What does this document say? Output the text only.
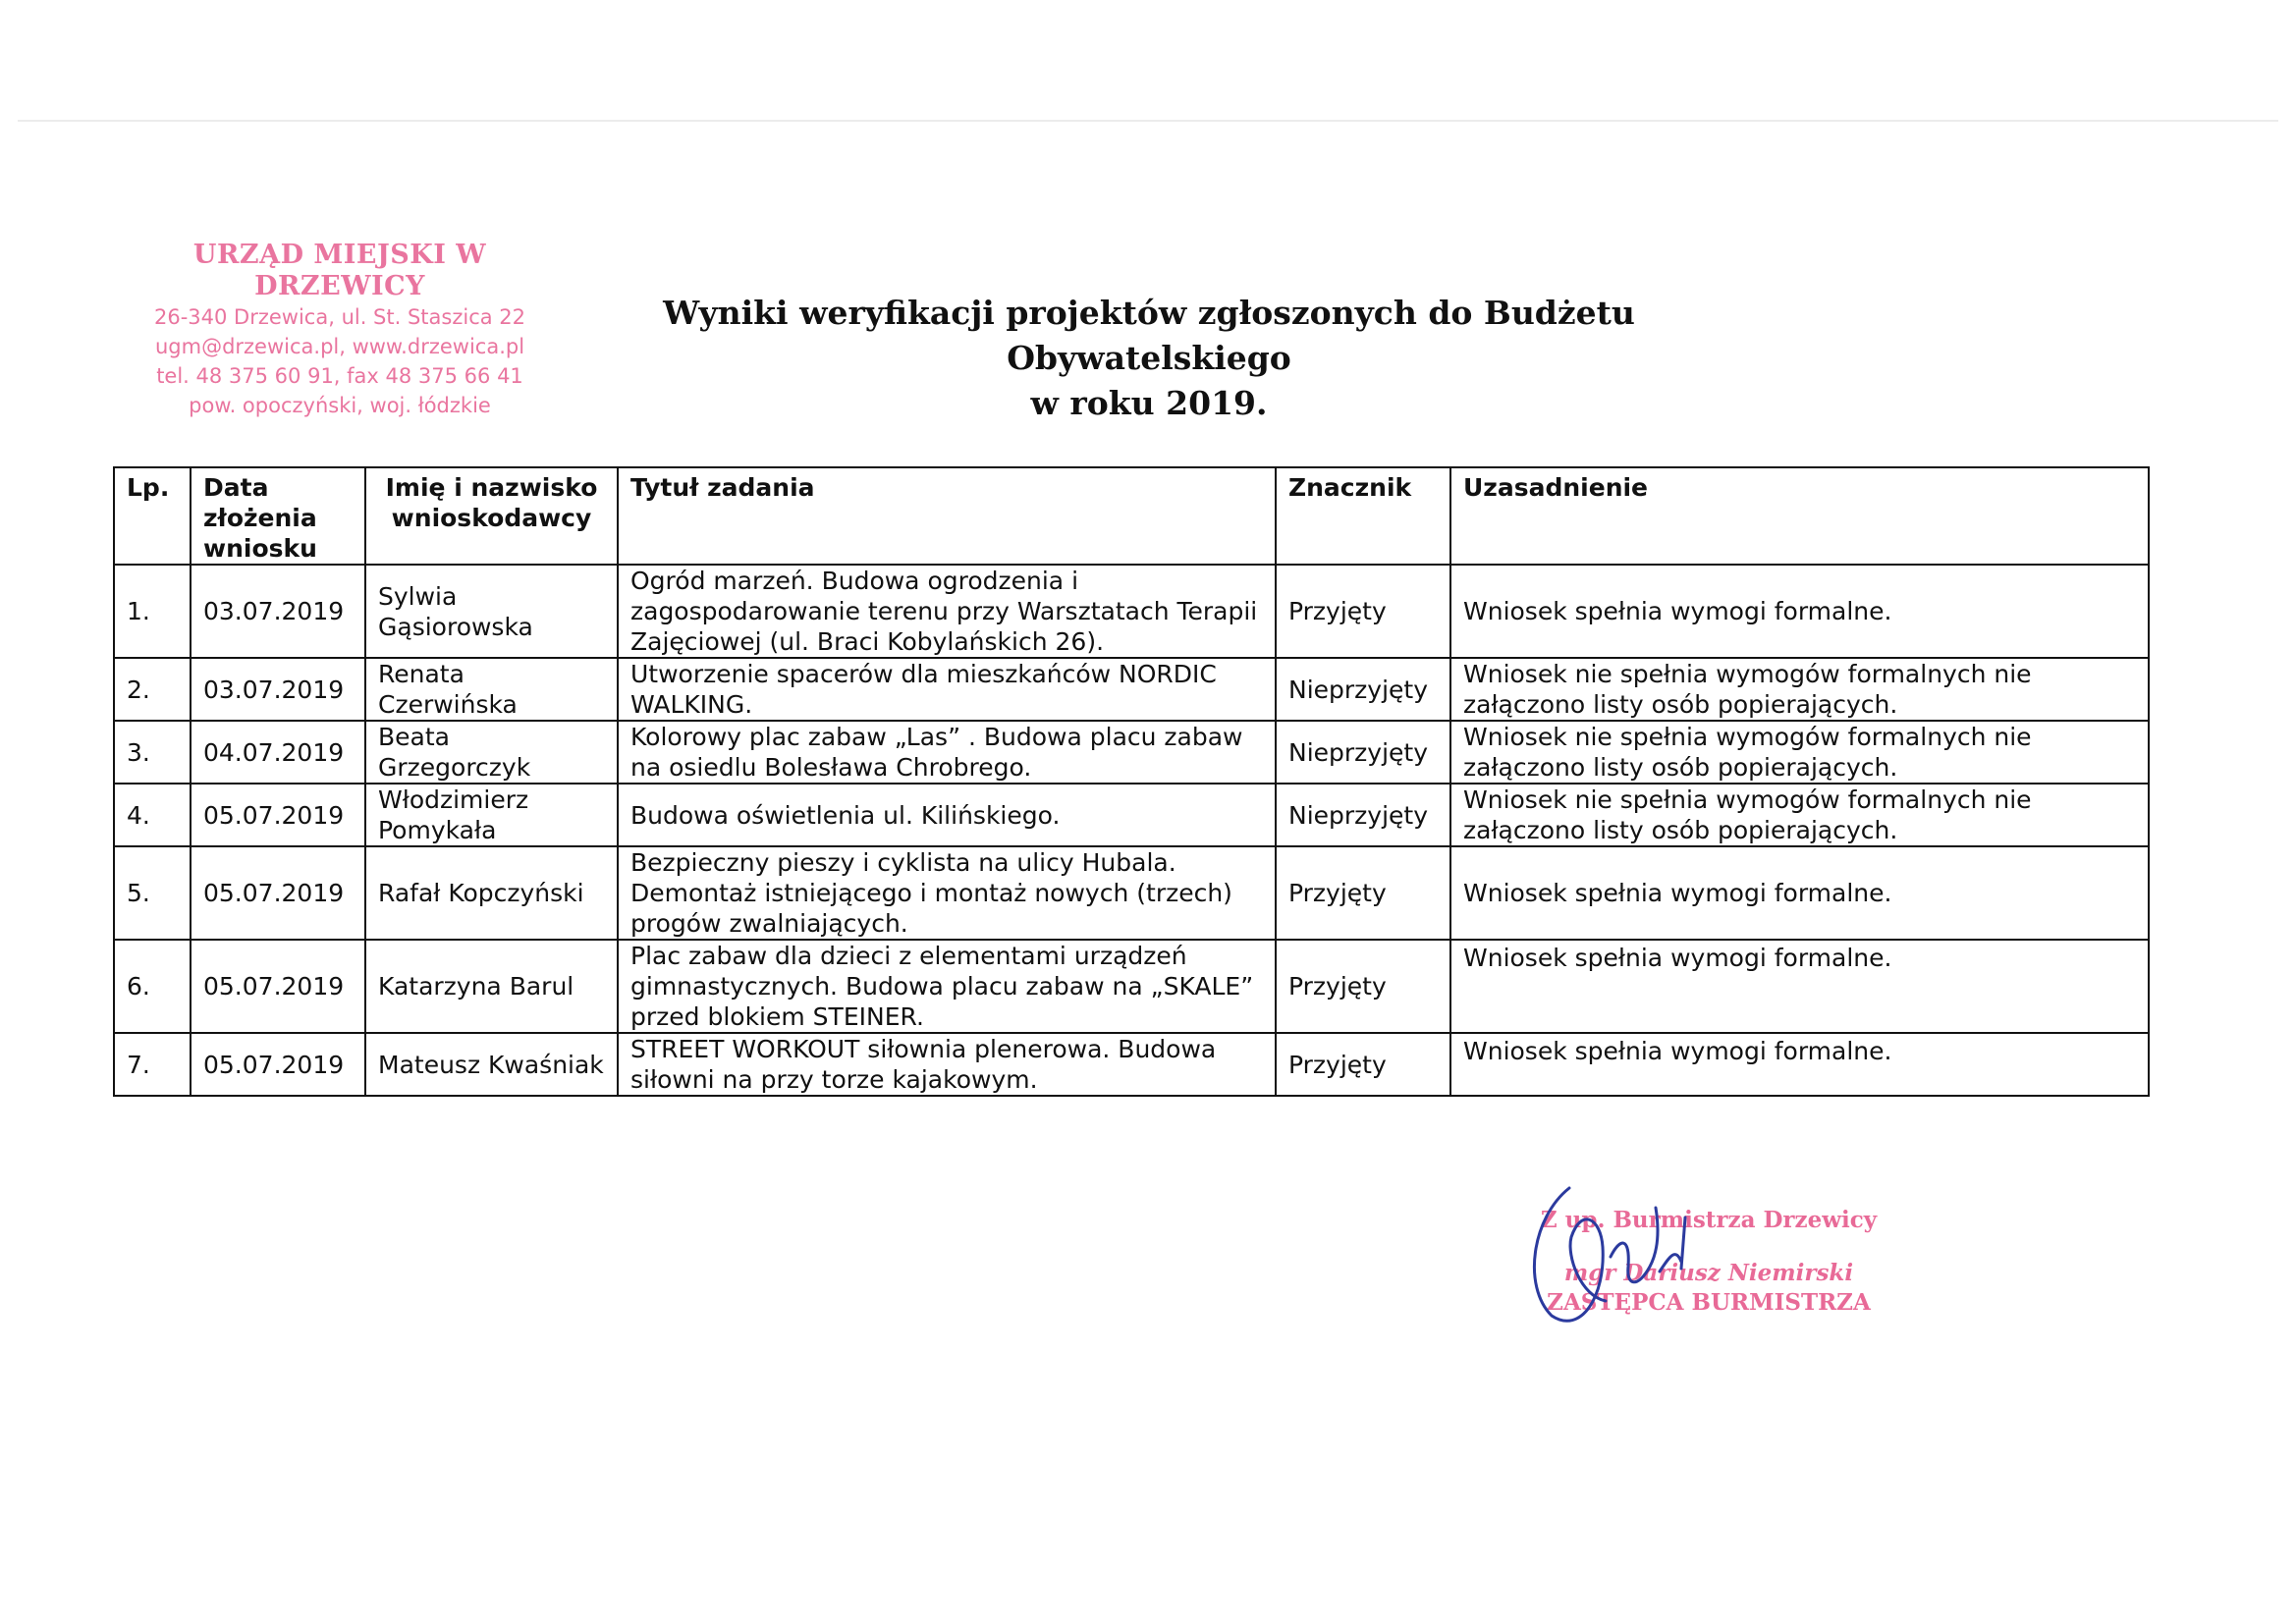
URZĄD MIEJSKI W DRZEWICY
26-340 Drzewica, ul. St. Staszica 22
ugm@drzewica.pl, www.drzewica.pl
tel. 48 375 60 91, fax 48 375 66 41
pow. opoczyński, woj. łódzkie
Wyniki weryfikacji projektów zgłoszonych do Budżetu Obywatelskiego
w roku 2019.
Lp.	Data złożenia wniosku	Imię i nazwisko wnioskodawcy	Tytuł zadania	Znacznik	Uzasadnienie
1.	03.07.2019	Sylwia Gąsiorowska	Ogród marzeń. Budowa ogrodzenia i zagospodarowanie terenu przy Warsztatach Terapii Zajęciowej (ul. Braci Kobylańskich 26).	Przyjęty	Wniosek spełnia wymogi formalne.
2.	03.07.2019	Renata Czerwińska	Utworzenie spacerów dla mieszkańców NORDIC WALKING.	Nieprzyjęty	Wniosek nie spełnia wymogów formalnych nie załączono listy osób popierających.
3.	04.07.2019	Beata Grzegorczyk	Kolorowy plac zabaw „Las” . Budowa placu zabaw na osiedlu Bolesława Chrobrego.	Nieprzyjęty	Wniosek nie spełnia wymogów formalnych nie załączono listy osób popierających.
4.	05.07.2019	Włodzimierz Pomykała	Budowa oświetlenia ul. Kilińskiego.	Nieprzyjęty	Wniosek nie spełnia wymogów formalnych nie załączono listy osób popierających.
5.	05.07.2019	Rafał Kopczyński	Bezpieczny pieszy i cyklista na ulicy Hubala. Demontaż istniejącego i montaż nowych (trzech) progów zwalniających.	Przyjęty	Wniosek spełnia wymogi formalne.
6.	05.07.2019	Katarzyna Barul	Plac zabaw dla dzieci z elementami urządzeń gimnastycznych. Budowa placu zabaw na „SKALE” przed blokiem STEINER.	Przyjęty	Wniosek spełnia wymogi formalne.
7.	05.07.2019	Mateusz Kwaśniak	STREET WORKOUT siłownia plenerowa. Budowa siłowni na przy torze kajakowym.	Przyjęty	Wniosek spełnia wymogi formalne.
Z up. Burmistrza Drzewicy
mgr Dariusz Niemirski
ZASTĘPCA BURMISTRZA
